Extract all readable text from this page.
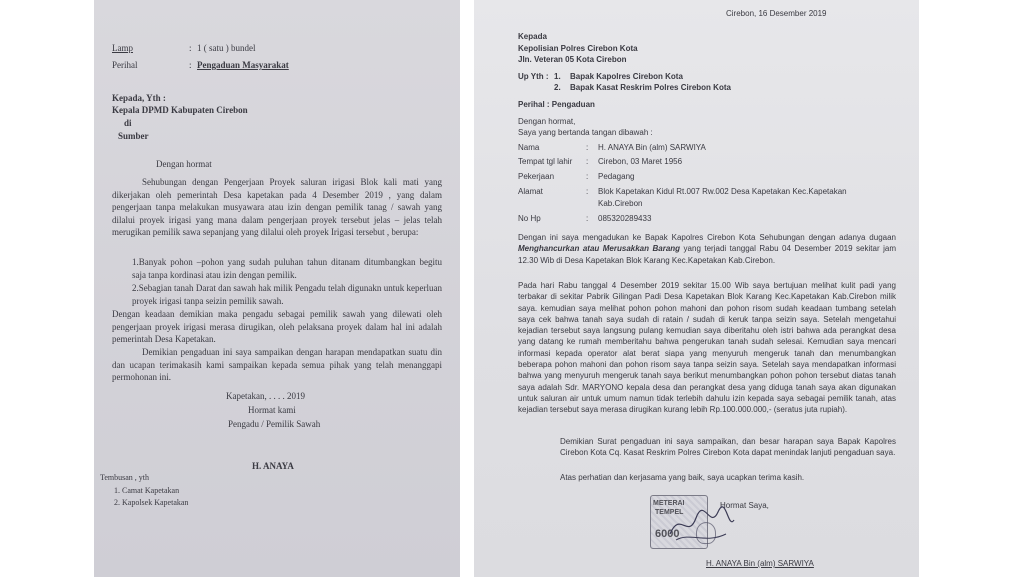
Lamp	: 1 ( satu ) bundel
Perihal	: Pengaduan Masyarakat
Kepada, Yth :
Kepala DPMD Kabupaten Cirebon
di
Sumber
Dengan hormat
Sehubungan dengan Pengerjaan Proyek saluran irigasi Blok kali mati yang dikerjakan oleh pemerintah Desa kapetakan pada 4 Desember 2019 , yang dalam pengerjaan tanpa melakukan musyawara atau izin dengan pemilik tanag / sawah yang dilalui proyek irigasi yang mana dalam pengerjaan proyek tersebut jelas – jelas telah merugikan pemilik sawa sepanjang yang dilalui oleh proyek Irigasi tersebut , berupa:
1.Banyak pohon –pohon yang sudah puluhan tahun ditanam ditumbangkan begitu saja tanpa kordinasi atau izin dengan pemilik.
2.Sebagian tanah Darat dan sawah hak milik Pengadu telah digunakn untuk keperluan proyek irigasi tanpa seizin pemilik sawah.
Dengan keadaan demikian maka pengadu sebagai pemilik sawah yang dilewati oleh pengerjaan proyek irigasi merasa dirugikan, oleh pelaksana proyek dalam hal ini adalah pemerintah Desa Kapetakan.
Demikian pengaduan ini saya sampaikan dengan harapan mendapatkan suatu din dan ucapan terimakasih kami sampaikan kepada semua pihak yang telah menanggapi permohonan ini.
Kapetakan, . . . . 2019
Hormat kami
Pengadu / Pemilik Sawah
H. ANAYA
Tembusan , yth
1. Camat Kapetakan
2. Kapolsek Kapetakan
Cirebon, 16 Desember 2019
Kepada
Kepolisian Polres Cirebon Kota
Jln. Veteran 05 Kota Cirebon
Up Yth : 1. Bapak Kapolres Cirebon Kota
2. Bapak Kasat Reskrim Polres Cirebon Kota
Perihal : Pengaduan
Dengan hormat,
Saya yang bertanda tangan dibawah :
Nama	: H. ANAYA Bin (alm) SARWIYA
Tempat tgl lahir : Cirebon, 03 Maret 1956
Pekerjaan	: Pedagang
Alamat	: Blok Kapetakan Kidul Rt.007 Rw.002 Desa Kapetakan Kec.Kapetakan
Kab.Cirebon
No Hp	: 085320289433
Dengan ini saya mengadukan ke Bapak Kapolres Cirebon Kota Sehubungan dengan adanya dugaan Menghancurkan atau Merusakkan Barang yang terjadi tanggal Rabu 04 Desember 2019 sekitar jam 12.30 Wib di Desa Kapetakan Blok Karang Kec.Kapetakan Kab.Cirebon.
Pada hari Rabu tanggal 4 Desember 2019 sekitar 15.00 Wib saya bertujuan melihat kulit padi yang terbakar di sekitar Pabrik Gilingan Padi Desa Kapetakan Blok Karang Kec.Kapetakan Kab.Cirebon milik saya. kemudian saya melihat pohon pohon mahoni dan pohon risom sudah keadaan tumbang setelah saya cek bahwa tanah saya sudah di ratain / sudah di keruk tanpa seizin saya. Setelah mengetahui kejadian tersebut saya langsung pulang kemudian saya diberitahu oleh istri bahwa ada perangkat desa yang datang ke rumah memberitahu bahwa pengerukan tanah sudah selesai. Kemudian saya mencari informasi kepada operator alat berat siapa yang menyuruh mengeruk tanah dan menumbangkan beberapa pohon mahoni dan pohon risom saya tanpa seizin saya. Setelah saya mendapatkan informasi bahwa yang menyuruh mengeruk tanah saya berikut menumbangkan pohon pohon tersebut diatas tanah saya adalah Sdr. MARYONO kepala desa dan perangkat desa yang diduga tanah saya akan digunakan untuk saluran air untuk umum namun tidak terlebih dahulu izin kepada saya sebagai pemilik tanah, atas kejadian tersebut saya merasa dirugikan kurang lebih Rp.100.000.000,- (seratus juta rupiah).
Demikian Surat pengaduan ini saya sampaikan, dan besar harapan saya Bapak Kapolres Cirebon Kota Cq. Kasat Reskrim Polres Cirebon Kota dapat menindak lanjuti pengaduan saya.
Atas perhatian dan kerjasama yang baik, saya ucapkan terima kasih.
Hormat Saya,
METERAI
TEMPEL
6000
H. ANAYA Bin (alm) SARWIYA
